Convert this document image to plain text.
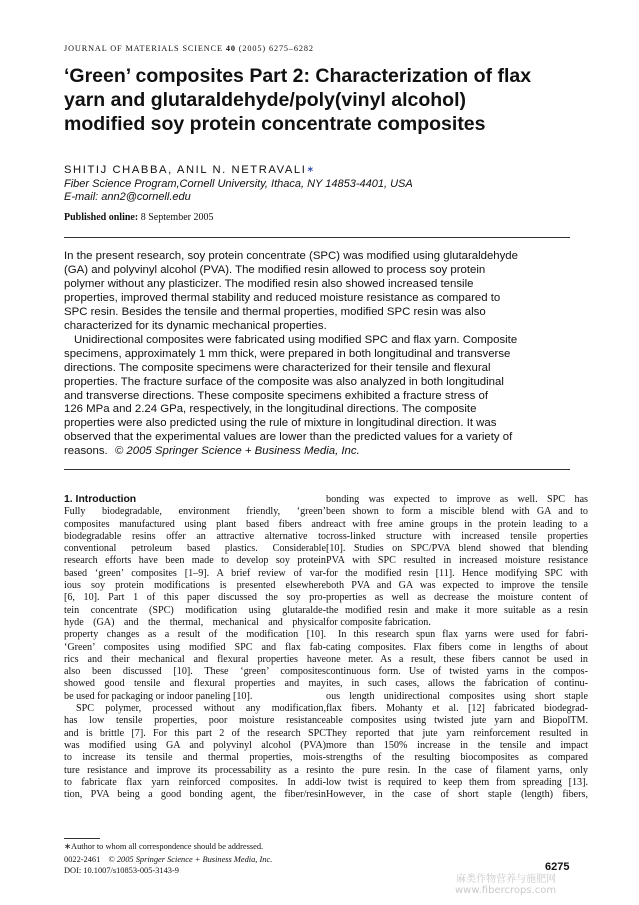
JOURNAL OF MATERIALS SCIENCE 40 (2005) 6275–6282
‘Green’ composites Part 2: Characterization of flax
yarn and glutaraldehyde/poly(vinyl alcohol)
modified soy protein concentrate composites
SHITIJ CHABBA, ANIL N. NETRAVALI∗
Fiber Science Program,Cornell University, Ithaca, NY 14853-4401, USA
E-mail: ann2@cornell.edu
Published online: 8 September 2005
In the present research, soy protein concentrate (SPC) was modified using glutaraldehyde
(GA) and polyvinyl alcohol (PVA). The modified resin allowed to process soy protein
polymer without any plasticizer. The modified resin also showed increased tensile
properties, improved thermal stability and reduced moisture resistance as compared to
SPC resin. Besides the tensile and thermal properties, modified SPC resin was also
characterized for its dynamic mechanical properties.
Unidirectional composites were fabricated using modified SPC and flax yarn. Composite
specimens, approximately 1 mm thick, were prepared in both longitudinal and transverse
directions. The composite specimens were characterized for their tensile and flexural
properties. The fracture surface of the composite was also analyzed in both longitudinal
and transverse directions. These composite specimens exhibited a fracture stress of
126 MPa and 2.24 GPa, respectively, in the longitudinal directions. The composite
properties were also predicted using the rule of mixture in longitudinal direction. It was
observed that the experimental values are lower than the predicted values for a variety of
reasons. © 2005 Springer Science + Business Media, Inc.
1. Introduction
Fully biodegradable, environment friendly, ‘green’
composites manufactured using plant based fibers and
biodegradable resins offer an attractive alternative to
conventional petroleum based plastics. Considerable
research efforts have been made to develop soy protein
based ‘green’ composites [1–9]. A brief review of var-
ious soy protein modifications is presented elsewhere
[6, 10]. Part 1 of this paper discussed the soy pro-
tein concentrate (SPC) modification using glutaralde-
hyde (GA) and the thermal, mechanical and physical
property changes as a result of the modification [10].
‘Green’ composites using modified SPC and flax fab-
rics and their mechanical and flexural properties have
also been discussed [10]. These ‘green’ composites
showed good tensile and flexural properties and may
be used for packaging or indoor paneling [10].
SPC polymer, processed without any modification,
has low tensile properties, poor moisture resistance
and is brittle [7]. For this part 2 of the research SPC
was modified using GA and polyvinyl alcohol (PVA)
to increase its tensile and thermal properties, mois-
ture resistance and improve its processability as a resin
to fabricate flax yarn reinforced composites. In addi-
tion, PVA being a good bonding agent, the fiber/resin
bonding was expected to improve as well. SPC has
been shown to form a miscible blend with GA and to
react with free amine groups in the protein leading to a
cross-linked structure with increased tensile properties
[10]. Studies on SPC/PVA blend showed that blending
PVA with SPC resulted in increased moisture resistance
for the modified resin [11]. Hence modifying SPC with
both PVA and GA was expected to improve the tensile
properties as well as decrease the moisture content of
the modified resin and make it more suitable as a resin
for composite fabrication.
In this research spun flax yarns were used for fabri-
cating composites. Flax fibers come in lengths of about
one meter. As a result, these fibers cannot be used in
continuous form. Use of twisted yarns in the compos-
ites, in such cases, allows the fabrication of continu-
ous length unidirectional composites using short staple
flax fibers. Mohanty et al. [12] fabricated biodegrad-
able composites using twisted jute yarn and BiopolTM.
They reported that jute yarn reinforcement resulted in
more than 150% increase in the tensile and impact
strengths of the resulting biocomposites as compared
to the pure resin. In the case of filament yarns, only
low twist is required to keep them from spreading [13].
However, in the case of short staple (length) fibers,
∗Author to whom all correspondence should be addressed.
0022-2461 © 2005 Springer Science + Business Media, Inc.
DOI: 10.1007/s10853-005-3143-9	6275
麻类作物营养与施肥网
www.fibercrops.com
